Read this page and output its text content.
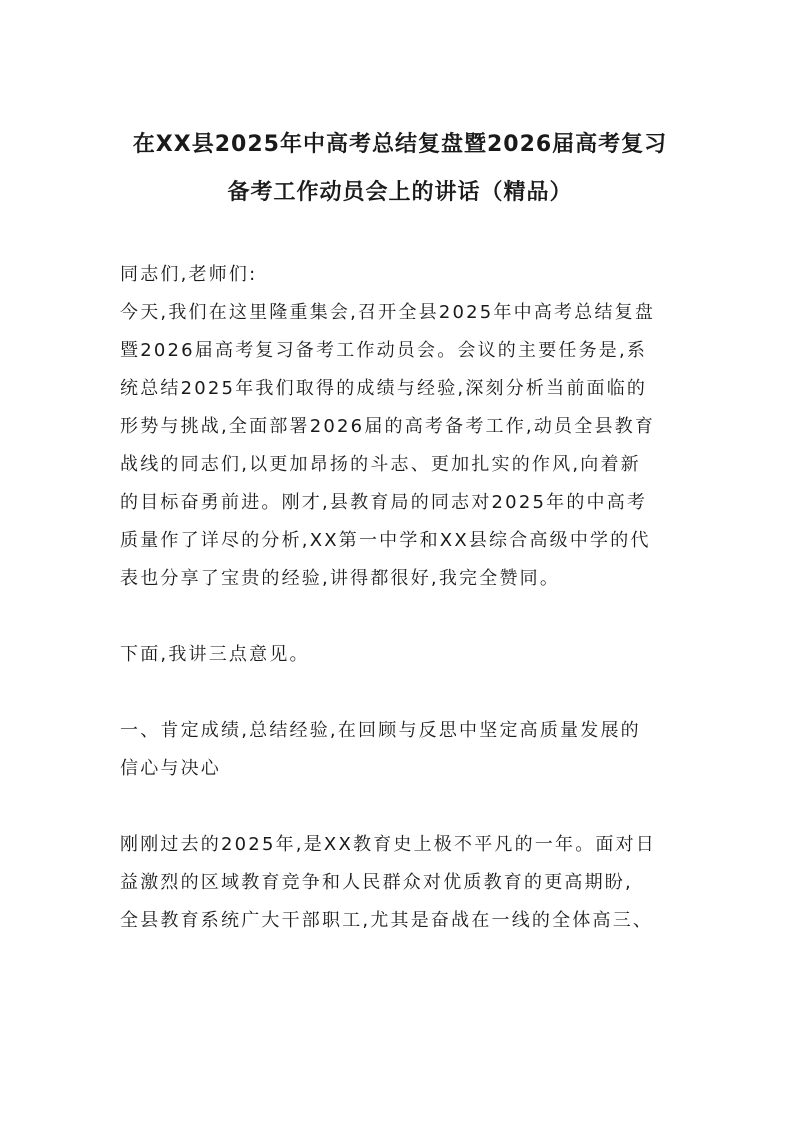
在XX县2025年中高考总结复盘暨2026届高考复习
备考工作动员会上的讲话（精品）
同志们,老师们:
今天,我们在这里隆重集会,召开全县2025年中高考总结复盘
暨2026届高考复习备考工作动员会。会议的主要任务是,系
统总结2025年我们取得的成绩与经验,深刻分析当前面临的
形势与挑战,全面部署2026届的高考备考工作,动员全县教育
战线的同志们,以更加昂扬的斗志、更加扎实的作风,向着新
的目标奋勇前进。刚才,县教育局的同志对2025年的中高考
质量作了详尽的分析,XX第一中学和XX县综合高级中学的代
表也分享了宝贵的经验,讲得都很好,我完全赞同。
下面,我讲三点意见。
一、肯定成绩,总结经验,在回顾与反思中坚定高质量发展的
信心与决心
刚刚过去的2025年,是XX教育史上极不平凡的一年。面对日
益激烈的区域教育竞争和人民群众对优质教育的更高期盼,
全县教育系统广大干部职工,尤其是奋战在一线的全体高三、
